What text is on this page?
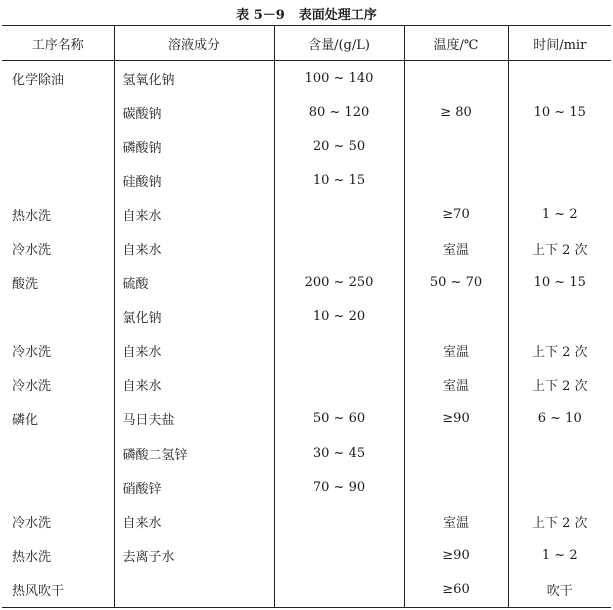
表 5－9 表面处理工序
工序名称	溶液成分	含量/(g/L)	温度/℃	时间/mir
化学除油	氢氧化钠	100 ~ 140		
	碳酸钠	80 ~ 120	≥ 80	10 ~ 15
	磷酸钠	20 ~ 50		
	硅酸钠	10 ~ 15		
热水洗	自来水		≥70	1 ~ 2
冷水洗	自来水		室温	上下 2 次
酸洗	硫酸	200 ~ 250	50 ~ 70	10 ~ 15
	氯化钠	10 ~ 20		
冷水洗	自来水		室温	上下 2 次
冷水洗	自来水		室温	上下 2 次
磷化	马日夫盐	50 ~ 60	≥90	6 ~ 10
	磷酸二氢锌	30 ~ 45		
	硝酸锌	70 ~ 90		
冷水洗	自来水		室温	上下 2 次
热水洗	去离子水		≥90	1 ~ 2
热风吹干			≥60	吹干
